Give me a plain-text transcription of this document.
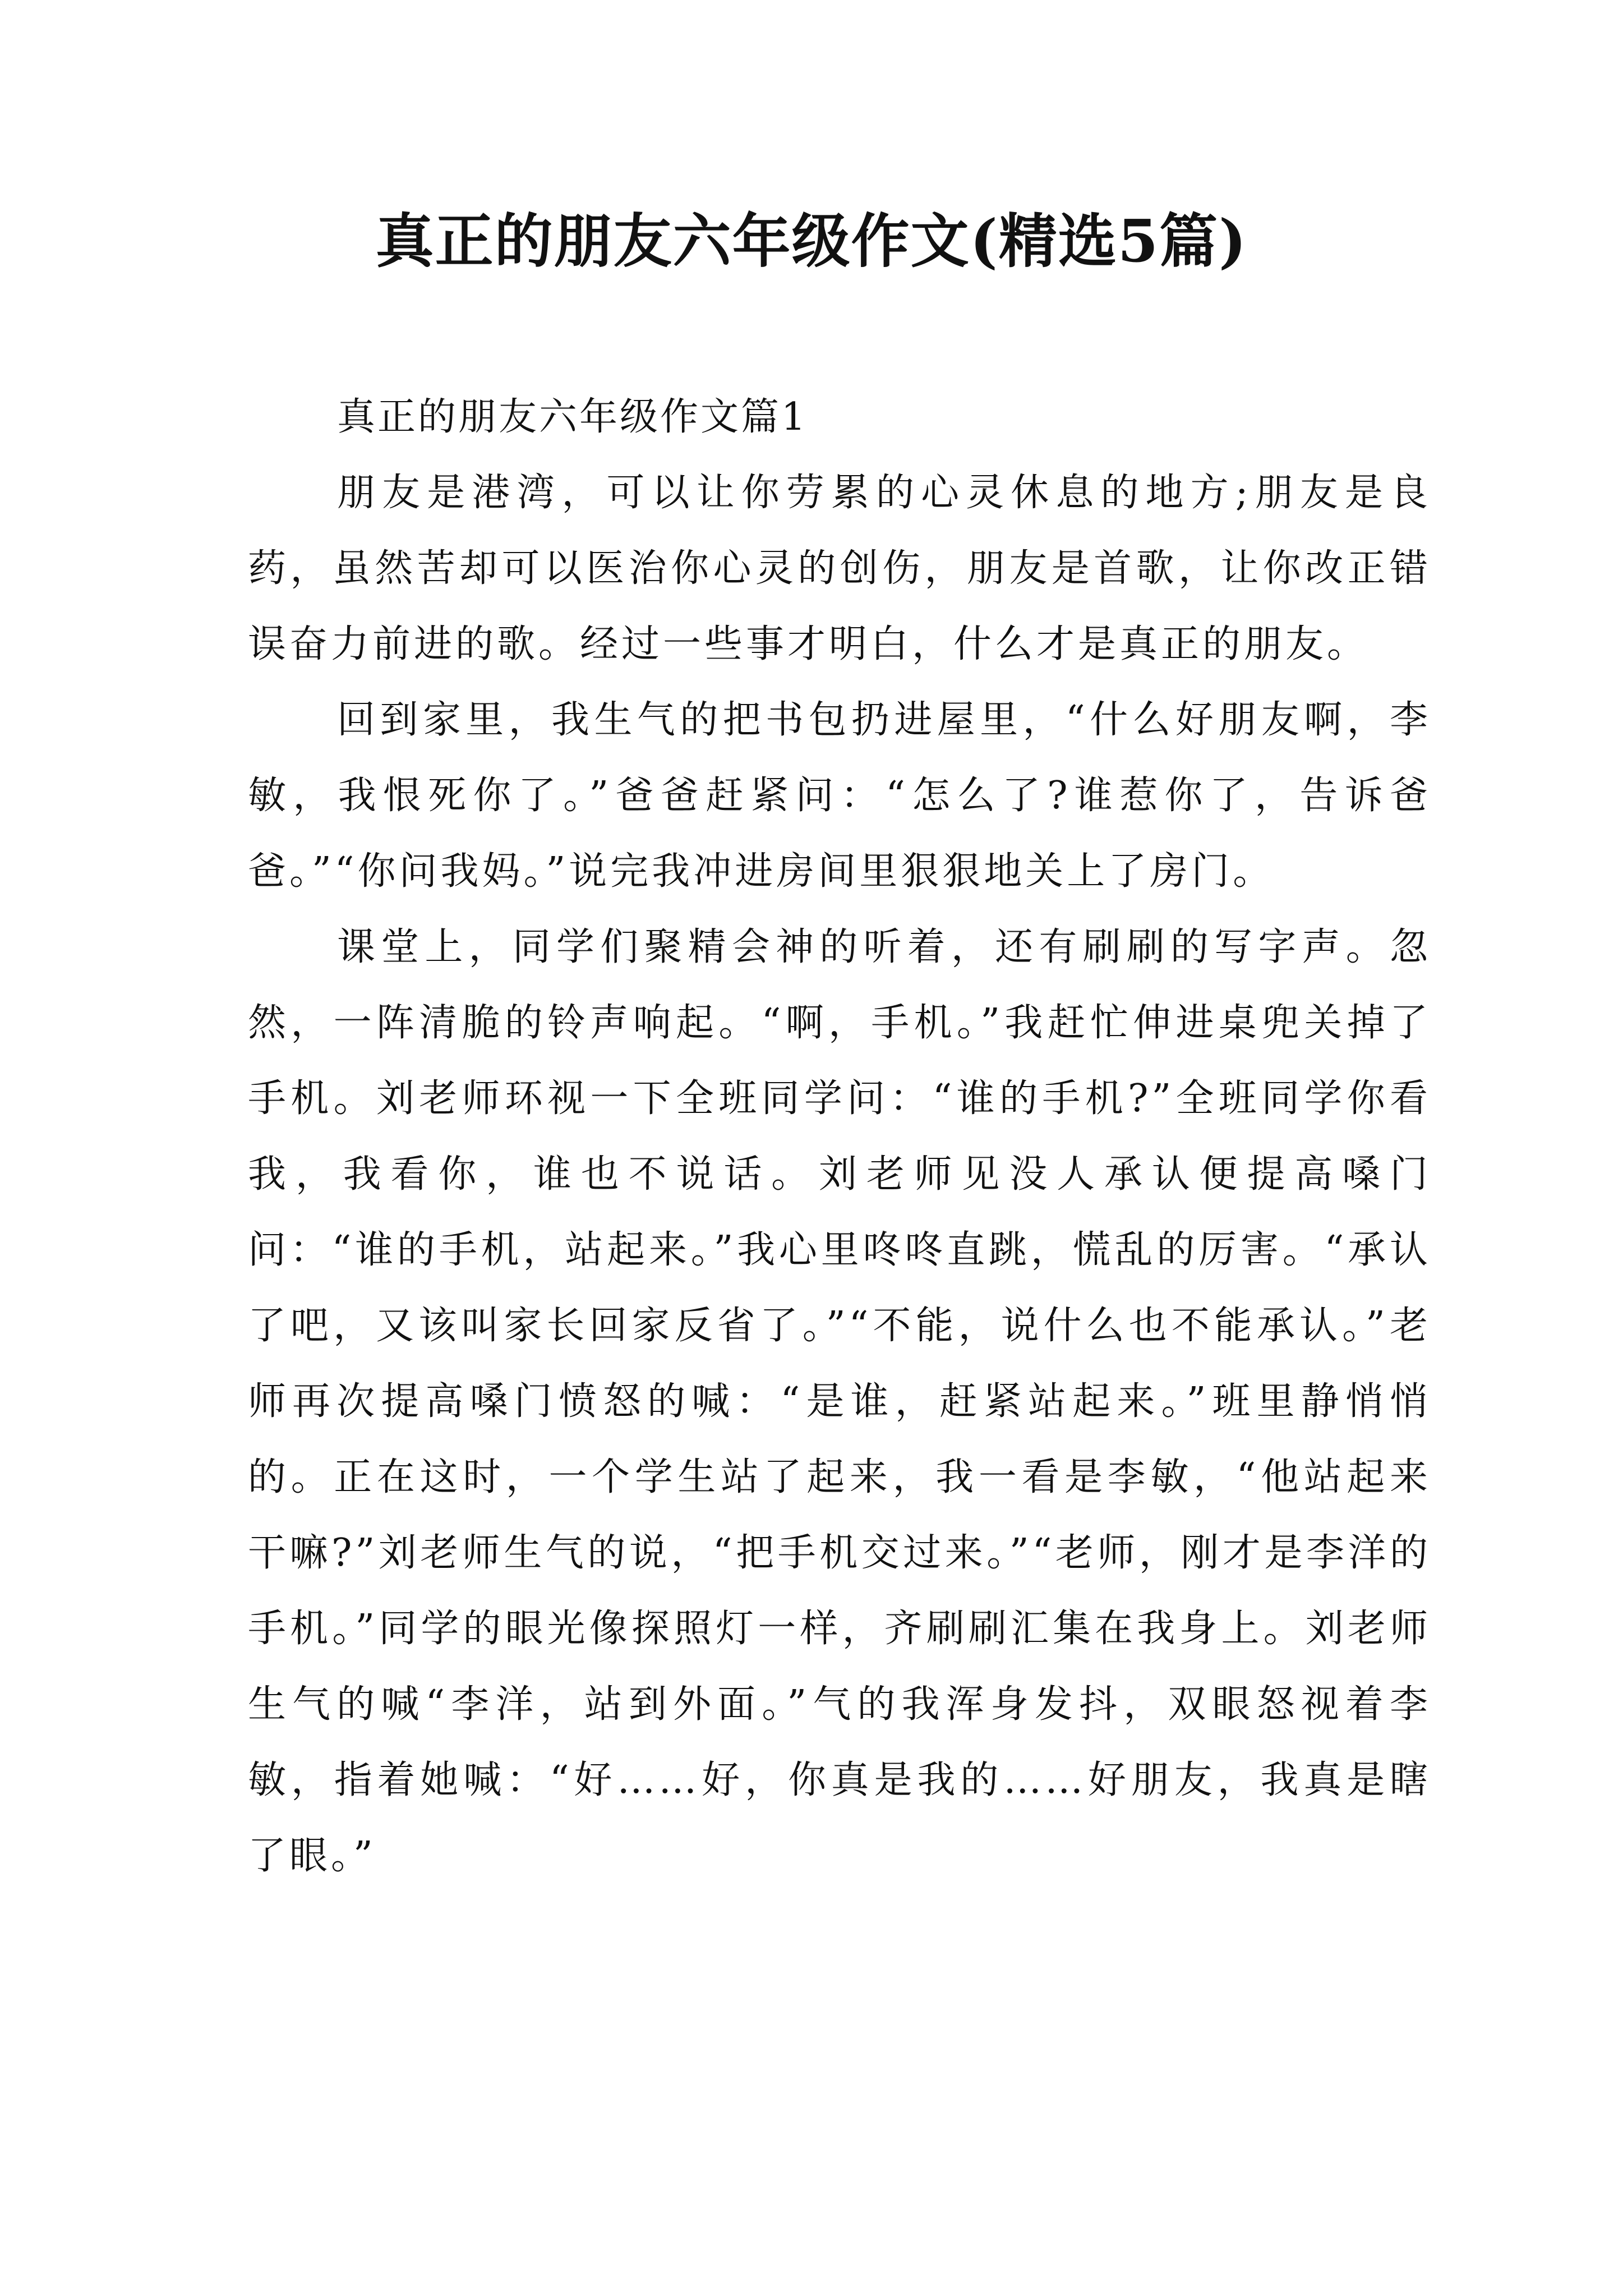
真正的朋友六年级作文(精选5篇)

真正的朋友六年级作文篇1

朋友是港湾，可以让你劳累的心灵休息的地方;朋友是良药，虽然苦却可以医治你心灵的创伤，朋友是首歌，让你改正错误奋力前进的歌。经过一些事才明白，什么才是真正的朋友。

回到家里，我生气的把书包扔进屋里，“什么好朋友啊，李敏，我恨死你了。”爸爸赶紧问：“怎么了?谁惹你了，告诉爸爸。”“你问我妈。”说完我冲进房间里狠狠地关上了房门。

课堂上，同学们聚精会神的听着，还有刷刷的写字声。忽然，一阵清脆的铃声响起。“啊，手机。”我赶忙伸进桌兜关掉了手机。刘老师环视一下全班同学问：“谁的手机?”全班同学你看我，我看你，谁也不说话。刘老师见没人承认便提高嗓门问：“谁的手机，站起来。”我心里咚咚直跳，慌乱的厉害。“承认了吧，又该叫家长回家反省了。”“不能，说什么也不能承认。”老师再次提高嗓门愤怒的喊：“是谁，赶紧站起来。”班里静悄悄的。正在这时，一个学生站了起来，我一看是李敏，“他站起来干嘛?”刘老师生气的说，“把手机交过来。”“老师，刚才是李洋的手机。”同学的眼光像探照灯一样，齐刷刷汇集在我身上。刘老师生气的喊“李洋，站到外面。”气的我浑身发抖，双眼怒视着李敏，指着她喊：“好……好，你真是我的……好朋友，我真是瞎了眼。”
